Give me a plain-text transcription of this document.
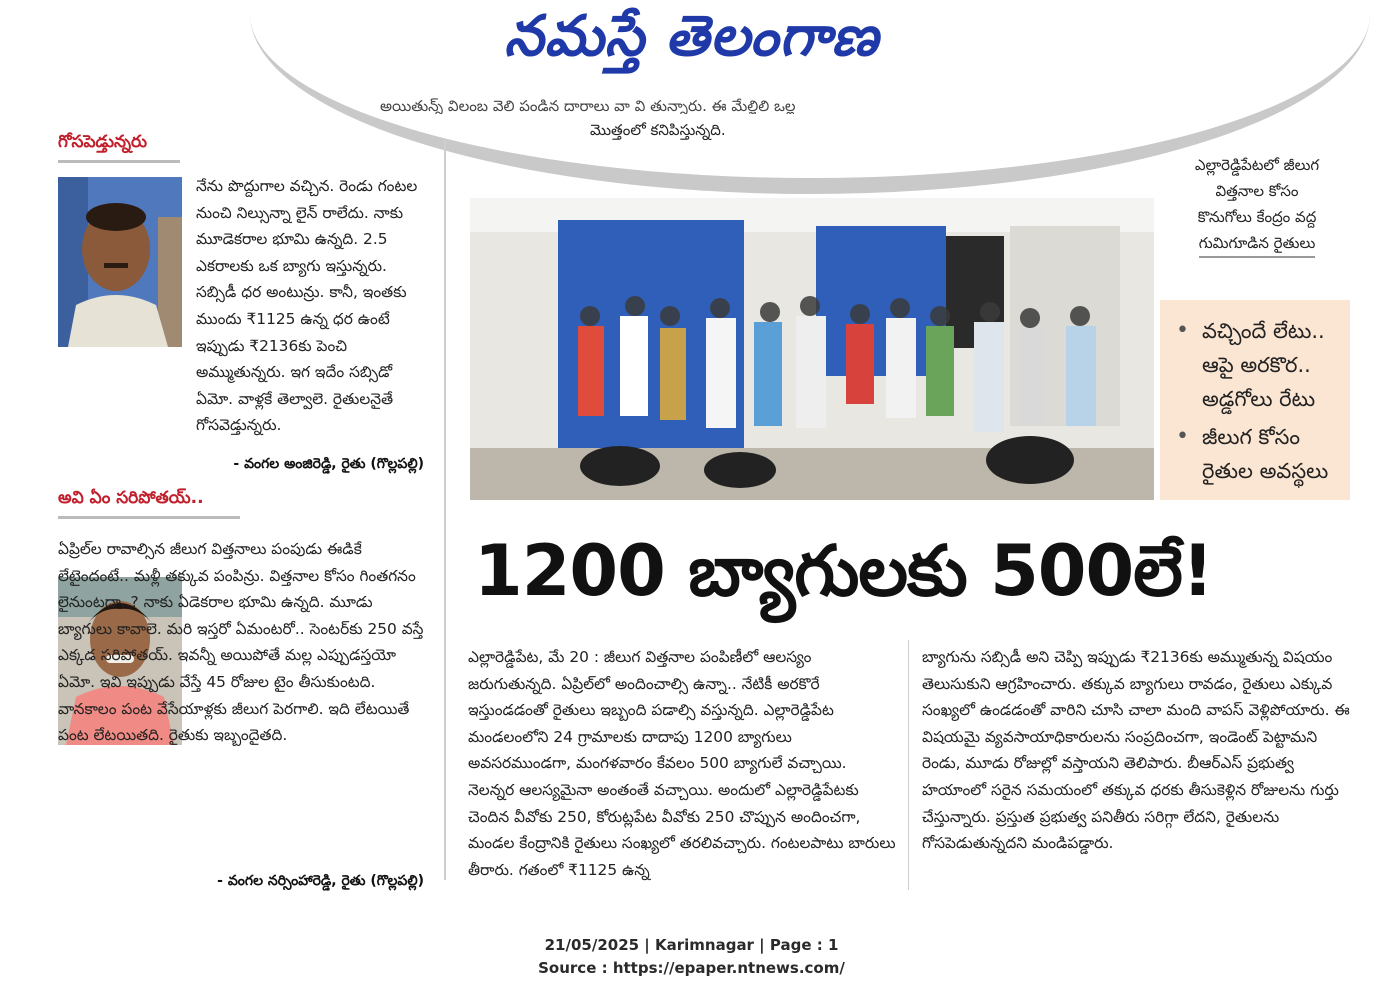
నమస్తే తెలంగాణ
అయితున్న్ విలంబ వెలి పండిన దారాలు వా వి తున్నారు. ఈ మేల్జిలి ఒల్ల
మొత్తంలో కనిపిస్తున్నది.
గోసపెడ్తున్నరు
నేను పొద్దుగాల వచ్చిన. రెండు గంటల నుంచి నిల్సున్నా లైన్ రాలేదు. నాకు మూడెకరాల భూమి ఉన్నది. 2.5 ఎకరాలకు ఒక బ్యాగు ఇస్తున్నరు. సబ్సిడీ ధర అంటున్రు. కానీ, ఇంతకు ముందు ₹1125 ఉన్న ధర ఉంటే ఇప్పుడు ₹2136కు పెంచి అమ్ముతున్నరు. ఇగ ఇదేం సబ్సిడో ఏమో. వాళ్లకే తెల్వాలె. రైతులనైతే గోసవెడ్తున్నరు.
- వంగల అంజిరెడ్డి, రైతు (గొల్లపల్లి)
అవి ఏం సరిపోతయ్..
ఏప్రిల్‌ల రావాల్సిన జీలుగ విత్తనాలు పంపుడు ఈడికే లేటైందంటే.. మళ్లీ తక్కువ పంపిన్రు. విత్తనాల కోసం గింతగనం లైనుంటదా..? నాకు ఏడెకరాల భూమి ఉన్నది. మూడు బ్యాగులు కావాలె. మరి ఇస్తరో ఏమంటరో.. సెంటర్‌కు 250 వస్తే ఎక్కడ సరిపోతయ్. ఇవన్నీ అయిపోతే మల్ల ఎప్పుడస్తయో ఏమో. ఇవి ఇప్పుడు వేస్తే 45 రోజుల టైం తీసుకుంటది. వానకాలం పంట వేసేయాళ్లకు జీలుగ పెరగాలి. ఇది లేటయితే పంట లేటయితది. రైతుకు ఇబ్బందైతది.
- వంగల నర్సింహారెడ్డి, రైతు (గొల్లపల్లి)
ఎల్లారెడ్డిపేటలో జీలుగ
విత్తనాల కోసం
కొనుగోలు కేంద్రం వద్ద
గుమిగూడిన రైతులు
• వచ్చిందే లేటు.. ఆపై అరకొర.. అడ్డగోలు రేటు
• జీలుగ కోసం రైతుల అవస్థలు
1200 బ్యాగులకు 500లే!
ఎల్లారెడ్డిపేట, మే 20 : జీలుగ విత్తనాల పంపిణీలో ఆలస్యం జరుగుతున్నది. ఏప్రిల్‌లో అందించాల్సి ఉన్నా.. నేటికీ అరకొరే ఇస్తుండడంతో రైతులు ఇబ్బంది పడాల్సి వస్తున్నది. ఎల్లారెడ్డిపేట మండలంలోని 24 గ్రామాలకు దాదాపు 1200 బ్యాగులు అవసరముండగా, మంగళవారం కేవలం 500 బ్యాగులే వచ్చాయి. నెలన్నర ఆలస్యమైనా అంతంతే వచ్చాయి. అందులో ఎల్లారెడ్డిపేటకు చెందిన వీవోకు 250, కోరుట్లపేట వీవోకు 250 చొప్పున అందించగా, మండల కేంద్రానికి రైతులు సంఖ్యలో తరలివచ్చారు. గంటలపాటు బారులు తీరారు. గతంలో ₹1125 ఉన్న
బ్యాగును సబ్సిడీ అని చెప్పి ఇప్పుడు ₹2136కు అమ్ముతున్న విషయం తెలుసుకుని ఆగ్రహించారు. తక్కువ బ్యాగులు రావడం, రైతులు ఎక్కువ సంఖ్యలో ఉండడంతో వారిని చూసి చాలా మంది వాపస్ వెళ్లిపోయారు. ఈ విషయమై వ్యవసాయాధికారులను సంప్రదించగా, ఇండెంట్ పెట్టామని రెండు, మూడు రోజుల్లో వస్తాయని తెలిపారు. బీఆర్‌ఎస్ ప్రభుత్వ హయాంలో సరైన సమయంలో తక్కువ ధరకు తీసుకెళ్లిన రోజులను గుర్తు చేస్తున్నారు. ప్రస్తుత ప్రభుత్వ పనితీరు సరిగ్గా లేదని, రైతులను గోసపెడుతున్నదని మండిపడ్డారు.
21/05/2025 | Karimnagar | Page : 1
Source : https://epaper.ntnews.com/
